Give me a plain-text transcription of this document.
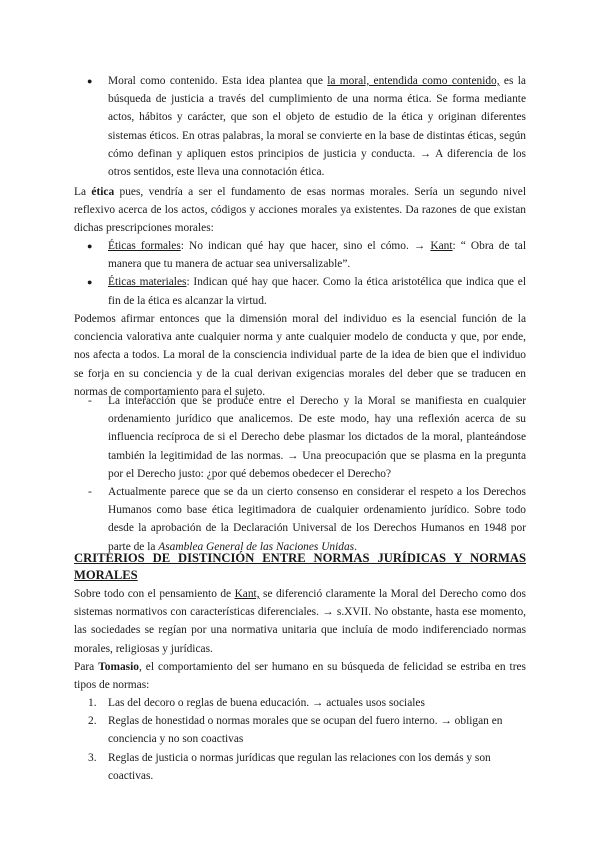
● Moral como contenido. Esta idea plantea que la moral, entendida como contenido, es la búsqueda de justicia a través del cumplimiento de una norma ética. Se forma mediante actos, hábitos y carácter, que son el objeto de estudio de la ética y originan diferentes sistemas éticos. En otras palabras, la moral se convierte en la base de distintas éticas, según cómo definan y apliquen estos principios de justicia y conducta. → A diferencia de los otros sentidos, este lleva una connotación ética.

La ética pues, vendría a ser el fundamento de esas normas morales. Sería un segundo nivel reflexivo acerca de los actos, códigos y acciones morales ya existentes. Da razones de que existan dichas prescripciones morales:

● Éticas formales: No indican qué hay que hacer, sino el cómo. → Kant: “ Obra de tal manera que tu manera de actuar sea universalizable”.
● Éticas materiales: Indican qué hay que hacer. Como la ética aristotélica que indica que el fin de la ética es alcanzar la virtud.

Podemos afirmar entonces que la dimensión moral del individuo es la esencial función de la conciencia valorativa ante cualquier norma y ante cualquier modelo de conducta y que, por ende, nos afecta a todos. La moral de la consciencia individual parte de la idea de bien que el individuo se forja en su conciencia y de la cual derivan exigencias morales del deber que se traducen en normas de comportamiento para el sujeto.

- La interacción que se produce entre el Derecho y la Moral se manifiesta en cualquier ordenamiento jurídico que analicemos. De este modo, hay una reflexión acerca de su influencia recíproca de si el Derecho debe plasmar los dictados de la moral, planteándose también la legitimidad de las normas. → Una preocupación que se plasma en la pregunta por el Derecho justo: ¿por qué debemos obedecer el Derecho?
- Actualmente parece que se da un cierto consenso en considerar el respeto a los Derechos Humanos como base ética legitimadora de cualquier ordenamiento jurídico. Sobre todo desde la aprobación de la Declaración Universal de los Derechos Humanos en 1948 por parte de la Asamblea General de las Naciones Unidas.
CRITERIOS DE DISTINCIÓN ENTRE NORMAS JURÍDICAS Y NORMAS MORALES

Sobre todo con el pensamiento de Kant, se diferenció claramente la Moral del Derecho como dos sistemas normativos con características diferenciales. → s.XVII. No obstante, hasta ese momento, las sociedades se regían por una normativa unitaria que incluía de modo indiferenciado normas morales, religiosas y jurídicas.

Para Tomasio, el comportamiento del ser humano en su búsqueda de felicidad se estriba en tres tipos de normas:

1. Las del decoro o reglas de buena educación. → actuales usos sociales
2. Reglas de honestidad o normas morales que se ocupan del fuero interno. → obligan en conciencia y no son coactivas
3. Reglas de justicia o normas jurídicas que regulan las relaciones con los demás y son coactivas.
